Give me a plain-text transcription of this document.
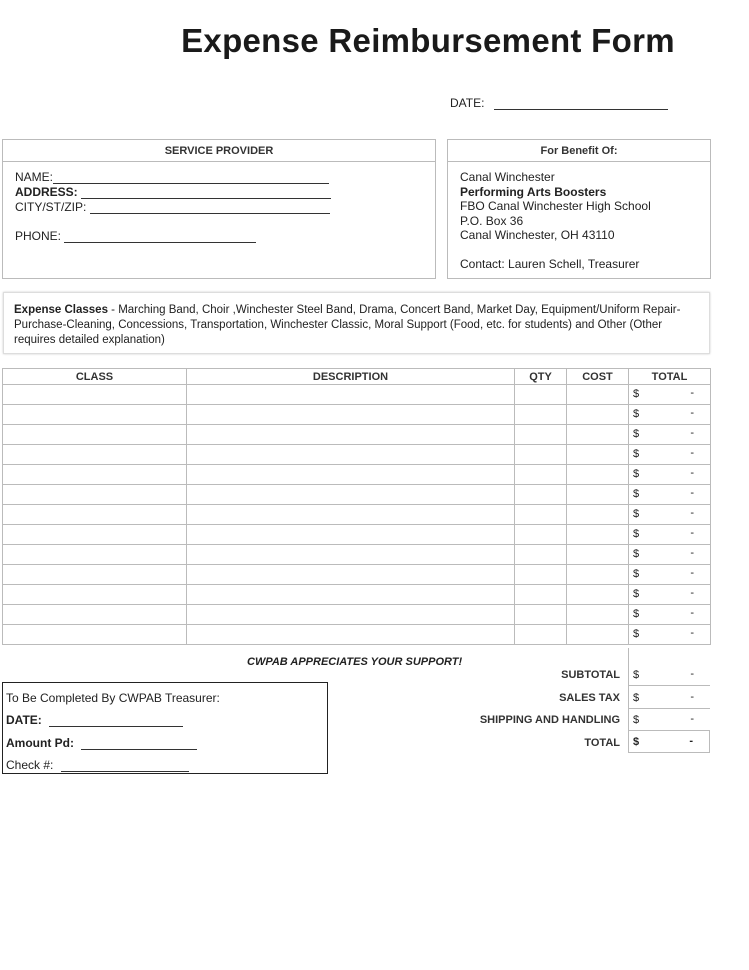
Expense Reimbursement Form
DATE:
SERVICE PROVIDER
NAME:
ADDRESS:
CITY/ST/ZIP:
PHONE:
For Benefit Of:
Canal Winchester
Performing Arts Boosters
FBO Canal Winchester High School
P.O. Box 36
Canal Winchester, OH 43110
Contact: Lauren Schell, Treasurer
Expense Classes - Marching Band, Choir ,Winchester Steel Band, Drama, Concert Band, Market Day, Equipment/Uniform Repair-Purchase-Cleaning, Concessions, Transportation, Winchester Classic, Moral Support (Food, etc. for students) and Other (Other requires detailed explanation)
CLASS	DESCRIPTION	QTY	COST	TOTAL

				$ -

				$ -

				$ -

				$ -

				$ -

				$ -

				$ -

				$ -

				$ -

				$ -

				$ -

				$ -

				$ -
CWPAB APPRECIATES YOUR SUPPORT!
SUBTOTAL $	-
SALES TAX $	-
SHIPPING AND HANDLING $	-
TOTAL $	-
To Be Completed By CWPAB Treasurer:
DATE:
Amount Pd:
Check #:
